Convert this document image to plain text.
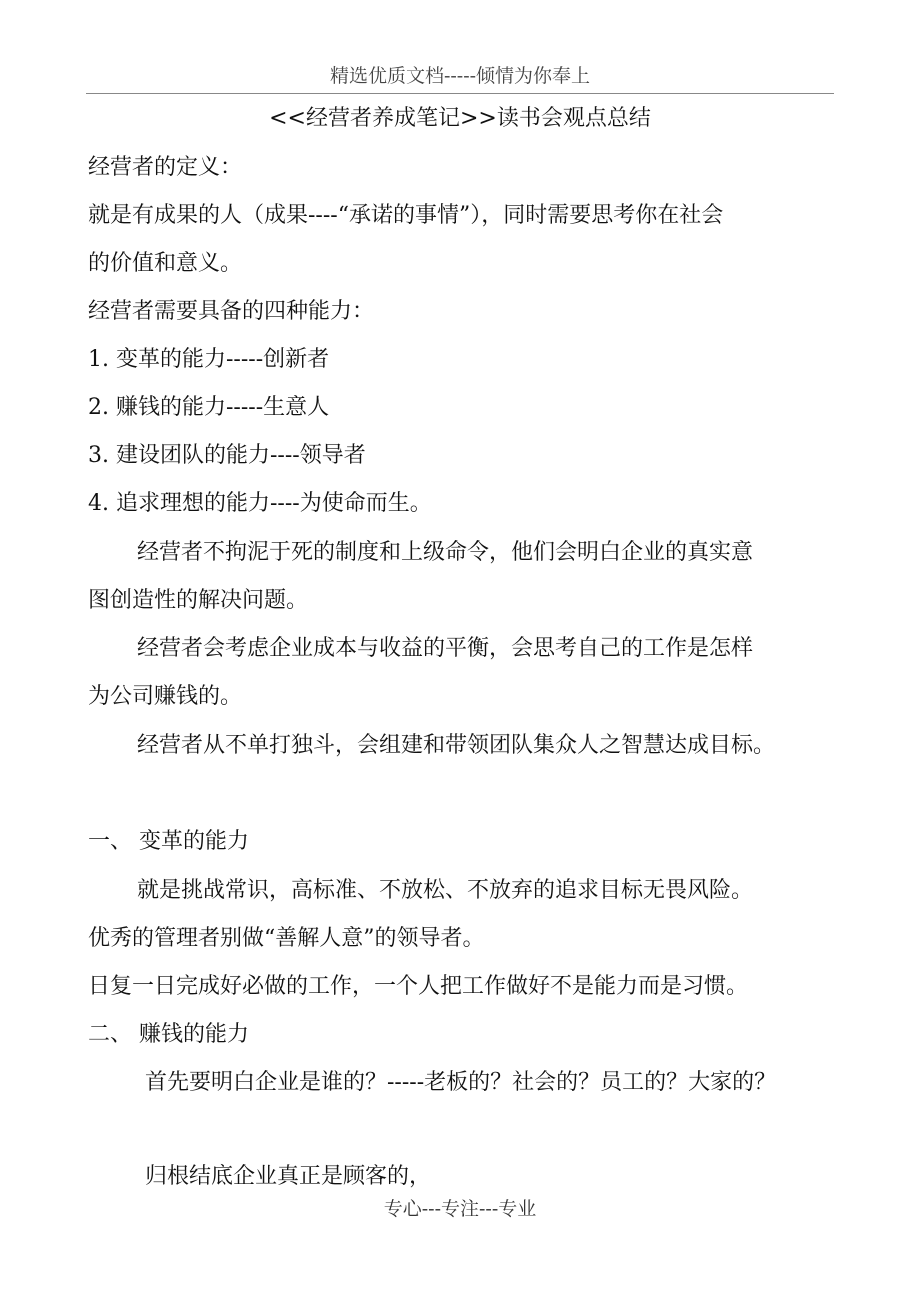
精选优质文档-----倾情为你奉上
<<经营者养成笔记>>读书会观点总结
经营者的定义：
就是有成果的人（成果----“承诺的事情”），同时需要思考你在社会
的价值和意义。
经营者需要具备的四种能力：
1. 变革的能力-----创新者
2. 赚钱的能力-----生意人
3. 建设团队的能力----领导者
4. 追求理想的能力----为使命而生。
经营者不拘泥于死的制度和上级命令，他们会明白企业的真实意
图创造性的解决问题。
经营者会考虑企业成本与收益的平衡，会思考自己的工作是怎样
为公司赚钱的。
经营者从不单打独斗，会组建和带领团队集众人之智慧达成目标。
一、 变革的能力
就是挑战常识，高标准、不放松、不放弃的追求目标无畏风险。
优秀的管理者别做“善解人意”的领导者。
日复一日完成好必做的工作，一个人把工作做好不是能力而是习惯。
二、 赚钱的能力
首先要明白企业是谁的？-----老板的？社会的？员工的？大家的？
归根结底企业真正是顾客的，
专心---专注---专业
